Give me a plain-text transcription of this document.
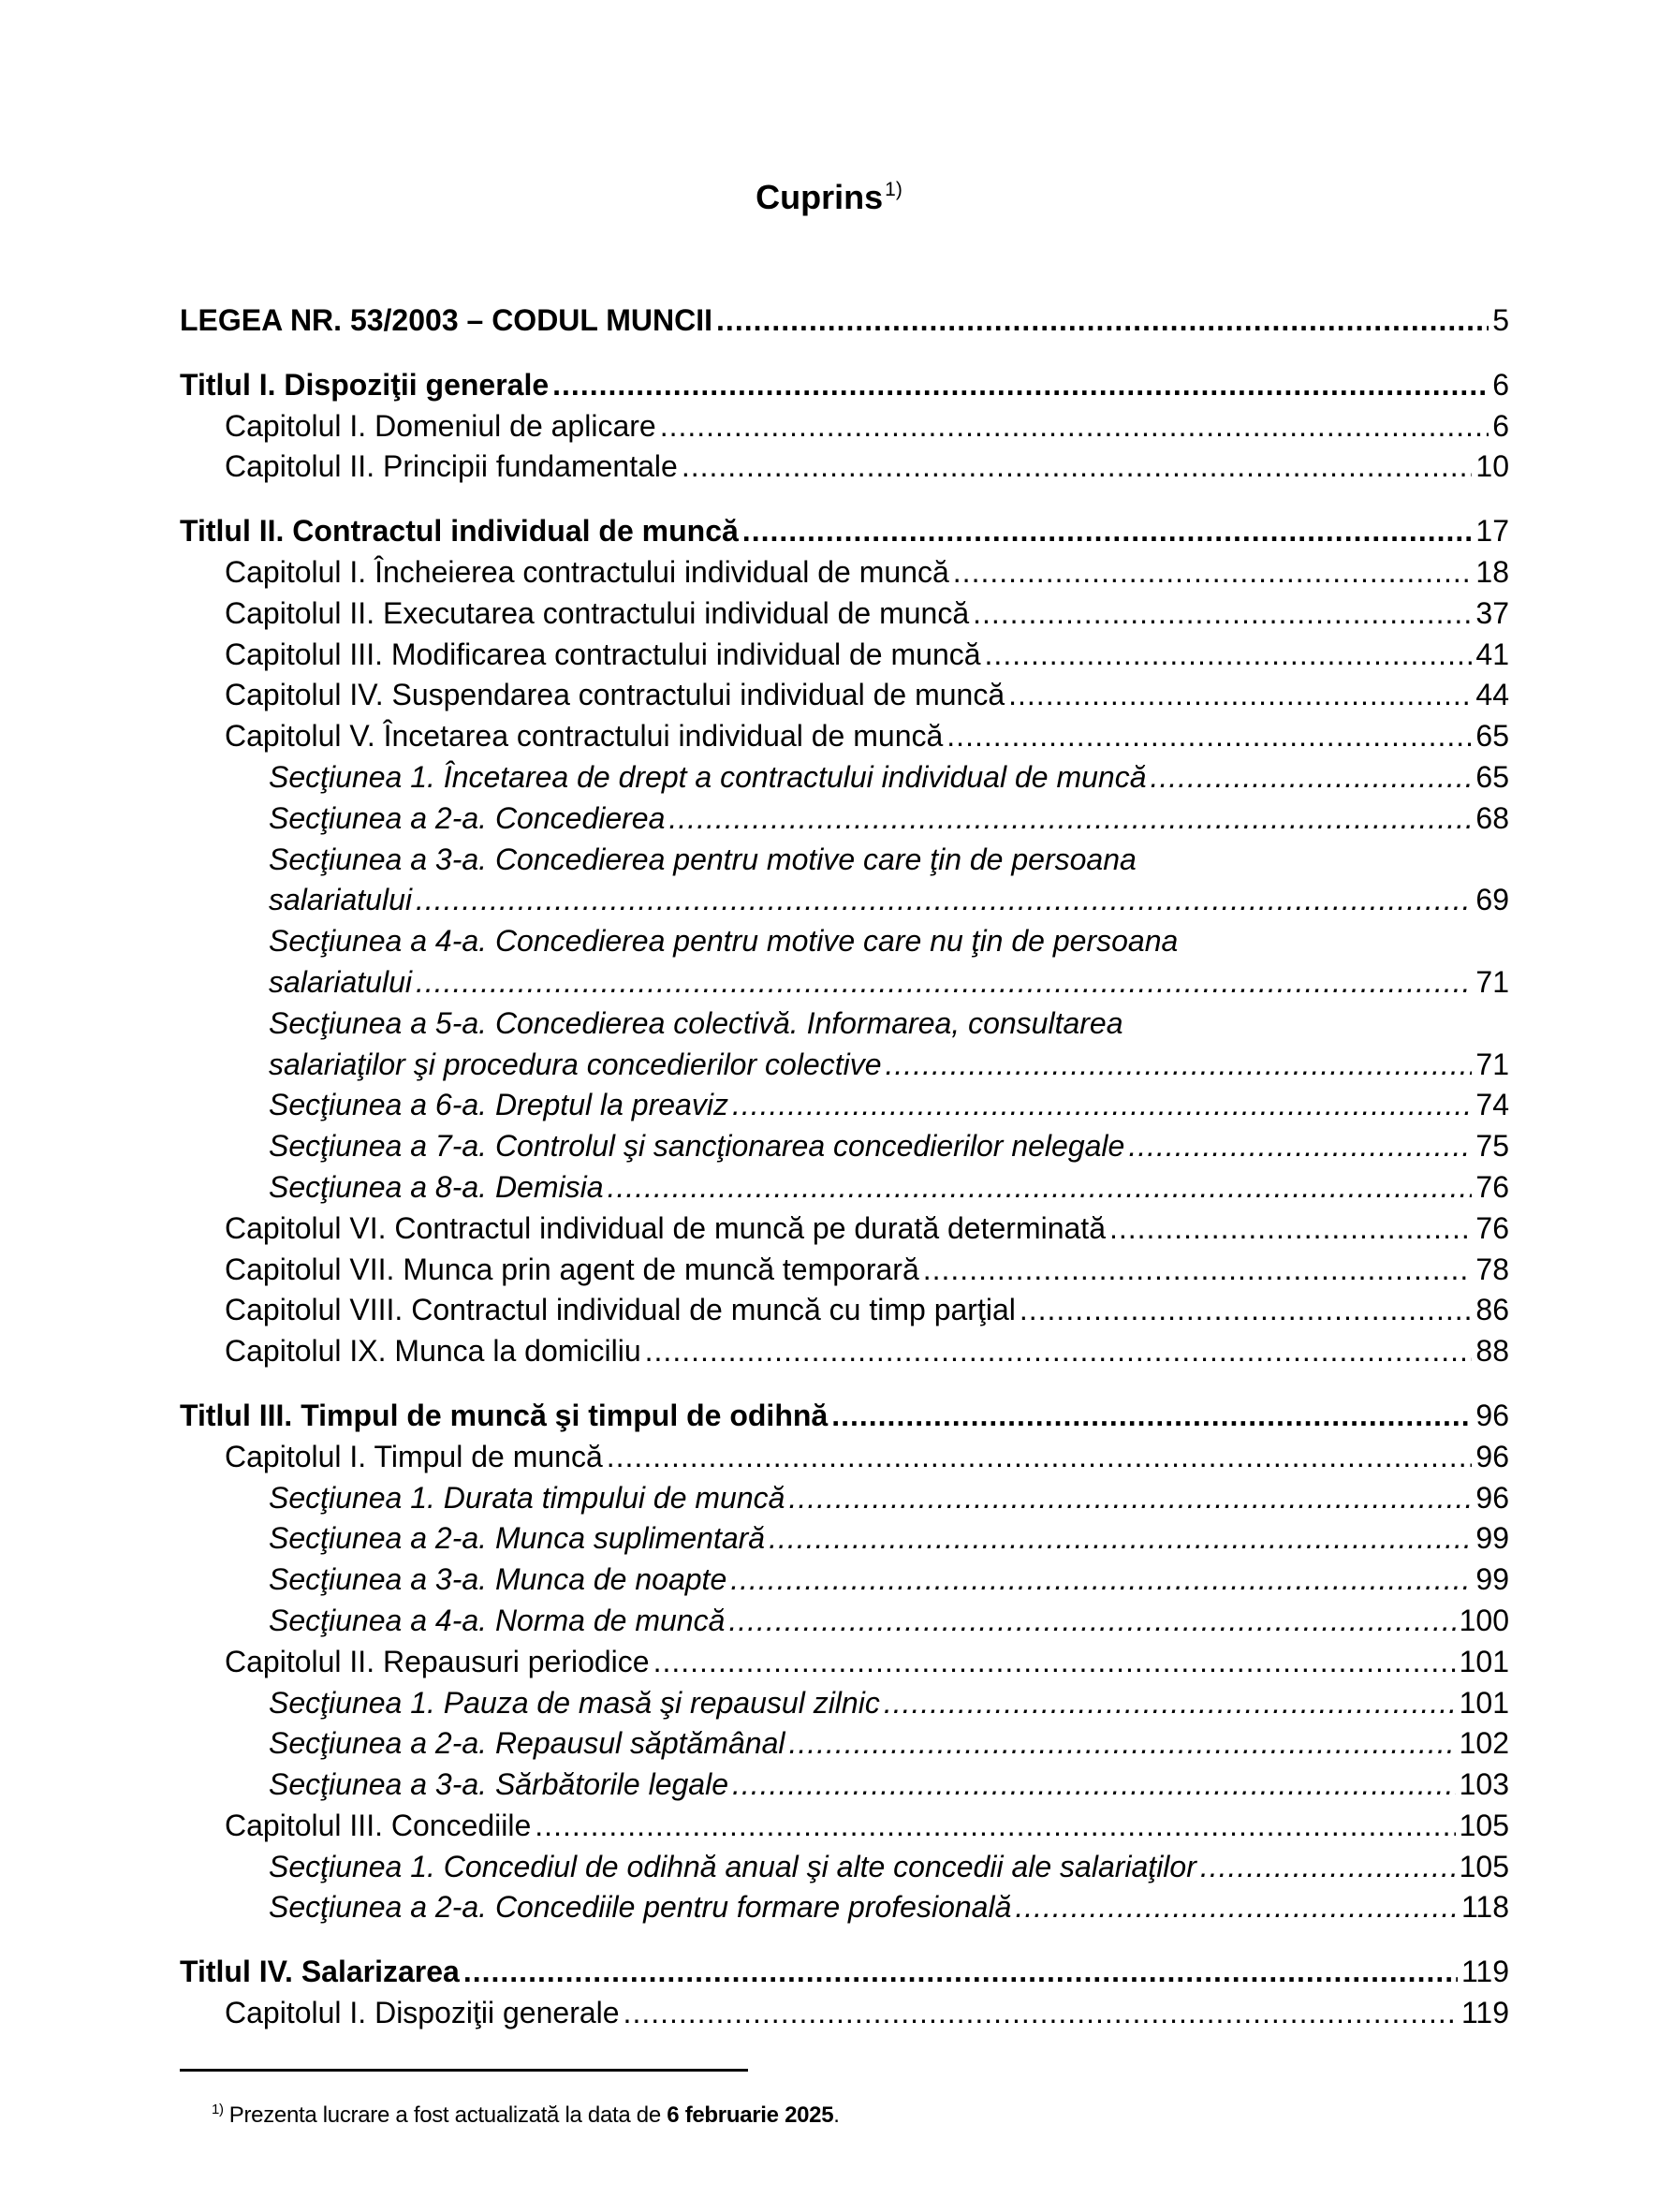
Cuprins$^{1)}$
LEGEA NR. 53/2003 – CODUL MUNCII .....	5
Titlul I. Dispoziţii generale .....	6
Capitolul I. Domeniul de aplicare .....	6
Capitolul II. Principii fundamentale .....	10
Titlul II. Contractul individual de muncă .....	17
Capitolul I. Încheierea contractului individual de muncă .....	18
Capitolul II. Executarea contractului individual de muncă .....	37
Capitolul III. Modificarea contractului individual de muncă .....	41
Capitolul IV. Suspendarea contractului individual de muncă .....	44
Capitolul V. Încetarea contractului individual de muncă .....	65
Secţiunea 1. Încetarea de drept a contractului individual de muncă .....	65
Secţiunea a 2-a. Concedierea .....	68
Secţiunea a 3-a. Concedierea pentru motive care ţin de persoana
salariatului .....	69
Secţiunea a 4-a. Concedierea pentru motive care nu ţin de persoana
salariatului .....	71
Secţiunea a 5-a. Concedierea colectivă. Informarea, consultarea
salariaţilor şi procedura concedierilor colective .....	71
Secţiunea a 6-a. Dreptul la preaviz .....	74
Secţiunea a 7-a. Controlul şi sancţionarea concedierilor nelegale .....	75
Secţiunea a 8-a. Demisia .....	76
Capitolul VI. Contractul individual de muncă pe durată determinată .....	76
Capitolul VII. Munca prin agent de muncă temporară .....	78
Capitolul VIII. Contractul individual de muncă cu timp parţial .....	86
Capitolul IX. Munca la domiciliu .....	88
Titlul III. Timpul de muncă şi timpul de odihnă .....	96
Capitolul I. Timpul de muncă .....	96
Secţiunea 1. Durata timpului de muncă .....	96
Secţiunea a 2-a. Munca suplimentară .....	99
Secţiunea a 3-a. Munca de noapte .....	99
Secţiunea a 4-a. Norma de muncă .....	100
Capitolul II. Repausuri periodice .....	101
Secţiunea 1. Pauza de masă şi repausul zilnic .....	101
Secţiunea a 2-a. Repausul săptămânal .....	102
Secţiunea a 3-a. Sărbătorile legale .....	103
Capitolul III. Concediile .....	105
Secţiunea 1. Concediul de odihnă anual şi alte concedii ale salariaţilor .....	105
Secţiunea a 2-a. Concediile pentru formare profesională .....	118
Titlul IV. Salarizarea .....	119
Capitolul I. Dispoziţii generale .....	119
$^{1)}$ Prezenta lucrare a fost actualizată la data de 6 februarie 2025.
